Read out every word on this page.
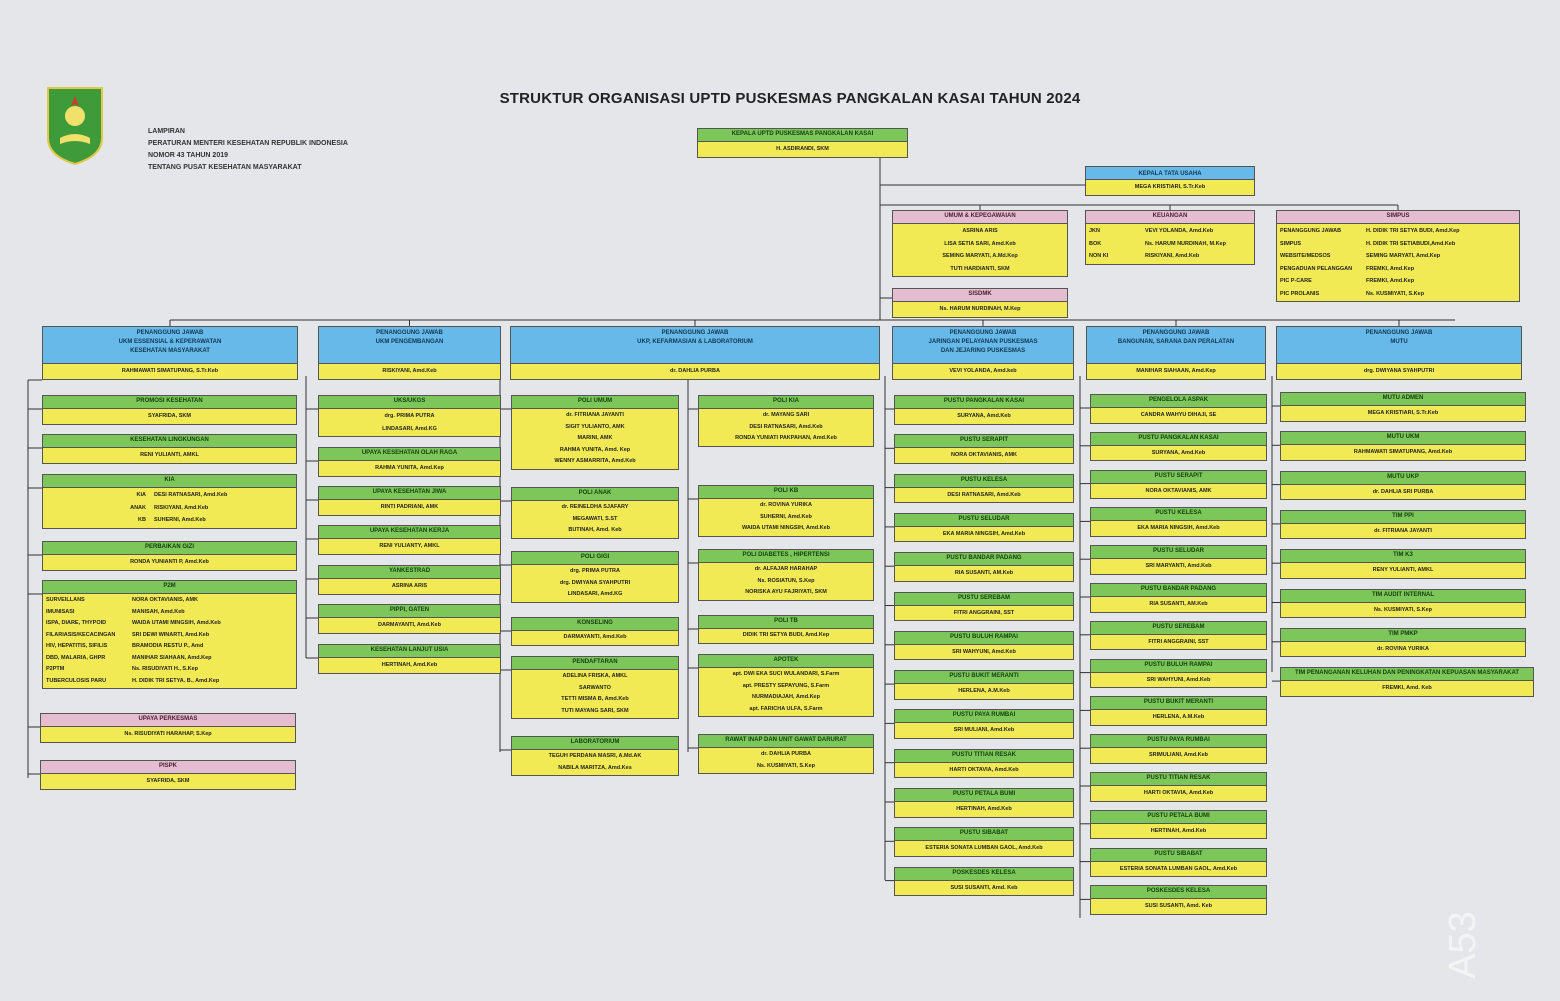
STRUKTUR ORGANISASI UPTD PUSKESMAS PANGKALAN KASAI TAHUN 2024
LAMPIRAN
PERATURAN MENTERI KESEHATAN REPUBLIK INDONESIA
NOMOR 43 TAHUN 2019
TENTANG PUSAT KESEHATAN MASYARAKAT
KEPALA UPTD PUSKESMAS PANGKALAN KASAI
H. ASDIRANDI, SKM
KEPALA TATA USAHA
MEGA KRISTIARI, S.Tr.Keb
UMUM & KEPEGAWAIAN
ASRINA ARIS
LISA SETIA SARI, Amd.Keb
SEMING MARYATI, A.Md.Kep
TUTI HARDIANTI, SKM
KEUANGAN
JKN	VEVI YOLANDA, Amd.Keb
BOK	Ns. HARUM NURDINAH, M.Kep
NON KI	RISKIYANI, Amd.Keb
SIMPUS
PENANGGUNG JAWAB	H. DIDIK TRI SETYA BUDI, Amd.Kep
SIMPUS	H. DIDIK TRI SETIABUDI,Amd.Keb
WEBSITE/MEDSOS	SEMING MARYATI, Amd.Kep
PENGADUAN PELANGGAN	FREMKI, Amd.Kep
PIC P-CARE	FREMKI, Amd.Kep
PIC PROLANIS	Ns. KUSMIYATI, S.Kep
SISDMK
Ns. HARUM NURDINAH, M.Kep
PENANGGUNG JAWAB
UKM ESSENSIAL & KEPERAWATAN
KESEHATAN MASYARAKAT
RAHMAWATI SIMATUPANG, S.Tr.Keb
PENANGGUNG JAWAB
UKM PENGEMBANGAN
RISKIYANI, Amd.Keb
PENANGGUNG JAWAB
UKP, KEFARMASIAN & LABORATORIUM
dr. DAHLIA PURBA
PENANGGUNG JAWAB
JARINGAN PELAYANAN PUSKESMAS
DAN JEJARING PUSKESMAS
VEVI YOLANDA, Amd.keb
PENANGGUNG JAWAB
BANGUNAN, SARANA DAN PERALATAN
MANIHAR SIAHAAN, Amd.Kep
PENANGGUNG JAWAB
MUTU
drg. DWIYANA SYAHPUTRI
PROMOSI KESEHATAN
SYAFRIDA, SKM
KESEHATAN LINGKUNGAN
RENI YULIANTI, AMKL
KIA
KIA DESI RATNASARI, Amd.Keb
ANAK RISKIYANI, Amd.Keb
KB SUHERNI, Amd.Keb
PERBAIKAN GIZI
RONDA YUNIANTI P, Amd.Keb
P2M
SURVEILLANS	NORA OKTAVIANIS, AMK
IMUNISASI	MANISAH, Amd.Keb
ISPA, DIARE, THYPOID	WAIDA UTAMI MINGSIH, Amd.Keb
FILARIASIS/KECACINGAN	SRI DEWI WINARTI, Amd.Keb
HIV, HEPATITIS, SIFILIS	BRAMODIA RESTU P., Amd
DBD, MALARIA, GHPR	MANIHAR SIAHAAN, Amd.Kep
P2PTM	Ns. RISUDIYATI H., S.Kep
TUBERCULOSIS PARU	H. DIDIK TRI SETYA. B., Amd.Kep
UPAYA PERKESMAS
Ns. RISUDIYATI HARAHAP, S.Kep
PISPK
SYAFRIDA, SKM
UKS/UKGS
drg. PRIMA PUTRA
LINDASARI, Amd.KG
UPAYA KESEHATAN OLAH RAGA
RAHMA YUNITA, Amd.Kep
UPAYA KESEHATAN JIWA
RINTI PADRIANI, AMK
UPAYA KESEHATAN KERJA
RENI YULIANTY, AMKL
YANKESTRAD
ASRINA ARIS
PIPPI, GATEN
DARMAYANTI, Amd.Keb
KESEHATAN LANJUT USIA
HERTINAH, Amd.Keb
POLI UMUM
dr. FITRIANA JAYANTI
SIGIT YULIANTO, AMK
MARINI, AMK
RAHMA YUNITA, Amd. Kep
WENNY ASMARRITA, Amd.Keb
POLI ANAK
dr. REINELDHA SJAFARY
MEGAWATI, S.ST
BUTINAH, Amd. Keb
POLI GIGI
drg. PRIMA PUTRA
drg. DWIYANA SYAHPUTRI
LINDASARI, Amd.KG
KONSELING
DARMAYANTI, Amd.Keb
PENDAFTARAN
ADELINA FRISKA, AMKL
SARWANTO
TETTI MISMA B, Amd.Keb
TUTI MAYANG SARI, SKM
LABORATORIUM
TEGUH PERDANA MASRI, A.Md.AK
NABILA MARITZA, Amd.Kes
POLI KIA
dr. MAYANG SARI
DESI RATNASARI, Amd.Keb
RONDA YUNIATI PAKPAHAN, Amd.Keb
POLI KB
dr. ROVINA YURIKA
SUHERNI, Amd.Keb
WAIDA UTAMI NINGSIH, Amd.Keb
POLI DIABETES , HIPERTENSI
dr. ALFAJAR HARAHAP
Ns. ROSIATUN, S.Kep
NORISKA AYU FAJRIYATI, SKM
POLI TB
DIDIK TRI SETYA BUDI, Amd.Kep
APOTEK
apt. DWI EKA SUCI WULANDARI, S.Farm
apt. PRESTY SEPAYUNG, S.Farm
NURMADIAJAH, Amd.Kep
apt. FARICHA ULFA, S.Farm
RAWAT INAP DAN UNIT GAWAT DARURAT
dr. DAHLIA PURBA
Ns. KUSMIYATI, S.Kep
PUSTU PANGKALAN KASAI
SURYANA, Amd.Keb
PUSTU SERAPIT
NORA OKTAVIANIS, AMK
PUSTU KELESA
DESI RATNASARI, Amd.Keb
PUSTU SELUDAR
EKA MARIA NINGSIH, Amd.Keb
PUSTU BANDAR PADANG
RIA SUSANTI, AM.Keb
PUSTU SEREBAM
FITRI ANGGRAINI, SST
PUSTU BULUH RAMPAI
SRI WAHYUNI, Amd.Keb
PUSTU BUKIT MERANTI
HERLENA, A.M.Keb
PUSTU PAYA RUMBAI
SRI MULIANI, Amd.Keb
PUSTU TITIAN RESAK
HARTI OKTAVIA, Amd.Keb
PUSTU PETALA BUMI
HERTINAH, Amd.Keb
PUSTU SIBABAT
ESTERIA SONATA LUMBAN GAOL, Amd.Keb
POSKESDES KELESA
SUSI SUSANTI, Amd. Keb
PENGELOLA ASPAK
CANDRA WAHYU DIHAJI, SE
PUSTU PANGKALAN KASAI
SURYANA, Amd.Keb
PUSTU SERAPIT
NORA OKTAVIANIS, AMK
PUSTU KELESA
EKA MARIA NINGSIH, Amd.Keb
PUSTU SELUDAR
SRI MARYANTI, Amd.Keb
PUSTU BANDAR PADANG
RIA SUSANTI, AM.Keb
PUSTU SEREBAM
FITRI ANGGRAINI, SST
PUSTU BULUH RAMPAI
SRI WAHYUNI, Amd.Keb
PUSTU BUKIT MERANTI
HERLENA, A.M.Keb
PUSTU PAYA RUMBAI
SRIMULIANI, Amd.Keb
PUSTU TITIAN RESAK
HARTI OKTAVIA, Amd.Keb
PUSTU PETALA BUMI
HERTINAH, Amd.Keb
PUSTU SIBABAT
ESTERIA SONATA LUMBAN GAOL, Amd.Keb
POSKESDES KELESA
SUSI SUSANTI, Amd. Keb
MUTU ADMEN
MEGA KRISTIARI, S.Tr.Keb
MUTU UKM
RAHMAWATI SIMATUPANG, Amd.Keb
MUTU UKP
dr. DAHLIA SRI PURBA
TIM PPI
dr. FITRIANA JAYANTI
TIM K3
RENY YULIANTI, AMKL
TIM AUDIT INTERNAL
Ns. KUSMIYATI, S.Kep
TIM PMKP
dr. ROVINA YURIKA
TIM PENANGANAN KELUHAN DAN PENINGKATAN KEPUASAN MASYARAKAT
FREMKI, Amd. Keb
A53
